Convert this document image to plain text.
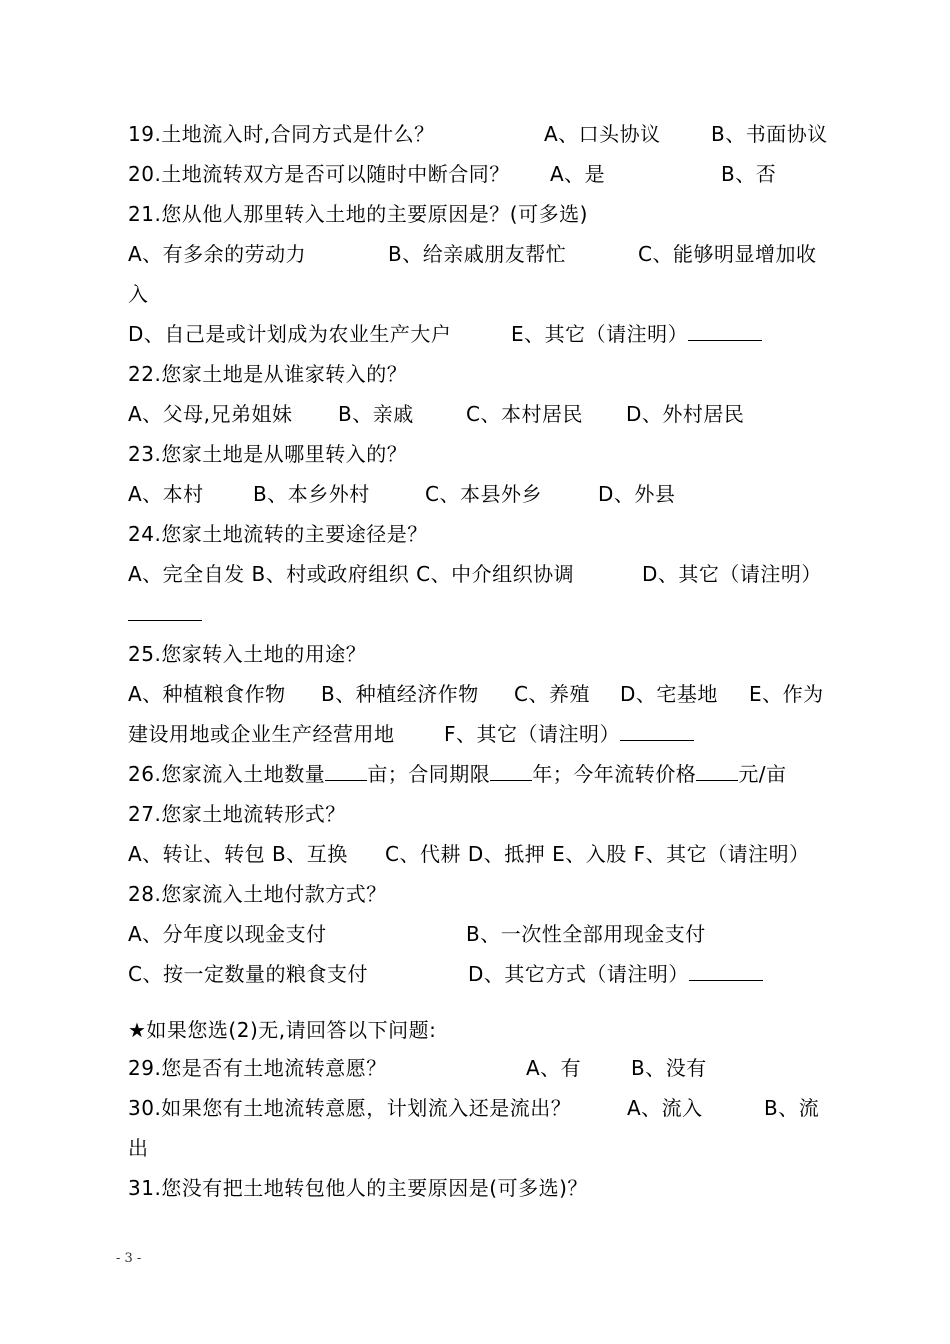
19.土地流入时,合同方式是什么？	A、口头协议	B、书面协议
20.土地流转双方是否可以随时中断合同？ A、是	B、否
21.您从他人那里转入土地的主要原因是？(可多选)
A、有多余的劳动力	B、给亲戚朋友帮忙	C、能够明显增加收
入
D、自己是或计划成为农业生产大户	E、其它（请注明）
22.您家土地是从谁家转入的？
A、父母,兄弟姐妹 B、亲戚	C、本村居民 D、外村居民
23.您家土地是从哪里转入的？
A、本村 B、本乡外村	C、本县外乡	D、外县
24.您家土地流转的主要途径是？
A、完全自发 B、村或政府组织 C、中介组织协调	D、其它（请注明）
25.您家转入土地的用途？
A、种植粮食作物 B、种植经济作物 C、养殖 D、宅基地 E、作为
建设用地或企业生产经营用地 F、其它（请注明）
26.您家流入土地数量 亩；合同期限 年；今年流转价格 元/亩
27.您家土地流转形式？
A、转让、转包 B、互换 C、代耕 D、抵押 E、入股 F、其它（请注明）
28.您家流入土地付款方式？
A、分年度以现金支付	B、一次性全部用现金支付
C、按一定数量的粮食支付	D、其它方式（请注明）
★如果您选(2)无,请回答以下问题:
29.您是否有土地流转意愿？	A、有 B、没有
30.如果您有土地流转意愿，计划流入还是流出？	A、流入	B、流
出
31.您没有把土地转包他人的主要原因是(可多选)？
- 3 -
